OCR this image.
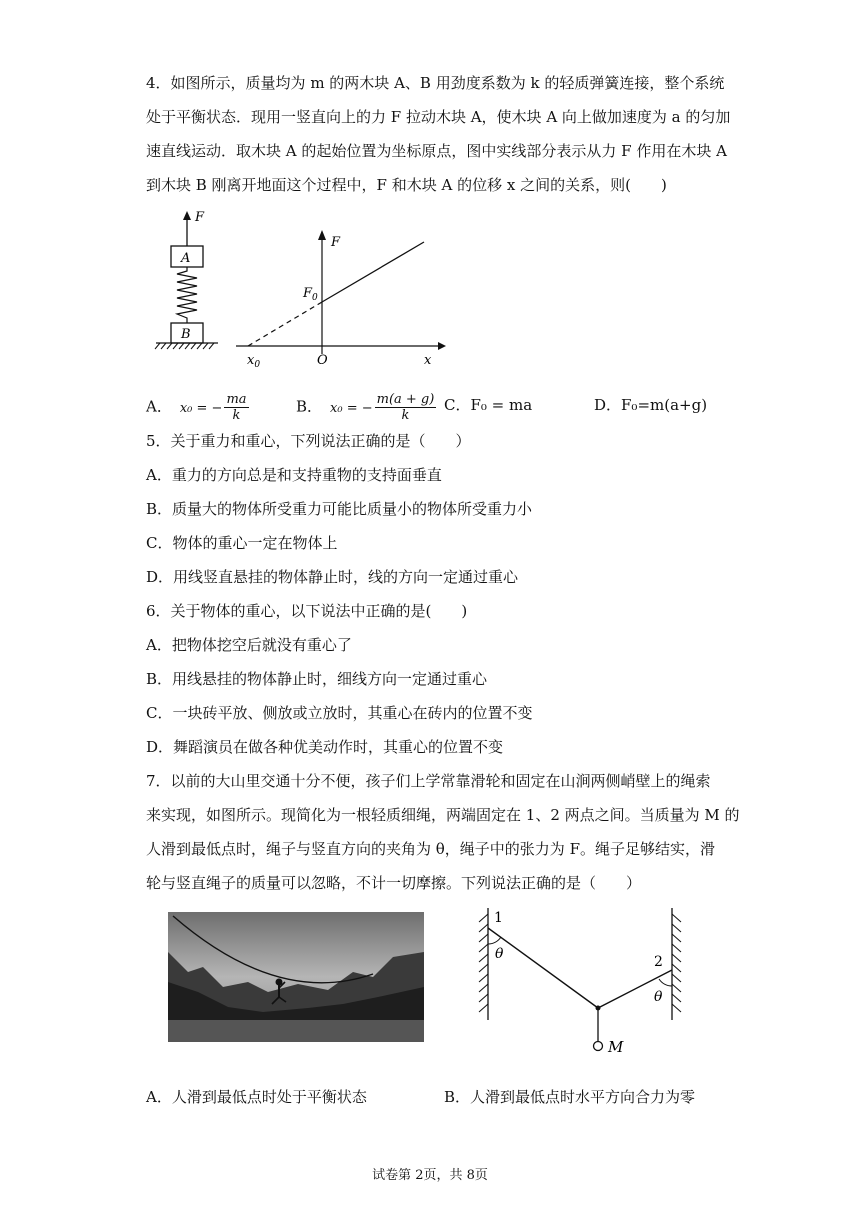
4．如图所示，质量均为 m 的两木块 A、B 用劲度系数为 k 的轻质弹簧连接，整个系统
处于平衡状态．现用一竖直向上的力 F 拉动木块 A，使木块 A 向上做加速度为 a 的匀加
速直线运动．取木块 A 的起始位置为坐标原点，图中实线部分表示从力 F 作用在木块 A
到木块 B 刚离开地面这个过程中，F 和木块 A 的位移 x 之间的关系，则(　　)
F
A
B
F
x
O
$F_0$
$x_0$
A． x₀ = − $\frac{ma}{k}$	B． x₀ = − $\frac{m(a + g)}{k}$ C．F₀ = ma	D．F₀=m(a+g)
5．关于重力和重心，下列说法正确的是（　　）
A．重力的方向总是和支持重物的支持面垂直
B．质量大的物体所受重力可能比质量小的物体所受重力小
C．物体的重心一定在物体上
D．用线竖直悬挂的物体静止时，线的方向一定通过重心
6．关于物体的重心，以下说法中正确的是(　　)
A．把物体挖空后就没有重心了
B．用线悬挂的物体静止时，细线方向一定通过重心
C．一块砖平放、侧放或立放时，其重心在砖内的位置不变
D．舞蹈演员在做各种优美动作时，其重心的位置不变
7．以前的大山里交通十分不便，孩子们上学常靠滑轮和固定在山涧两侧峭壁上的绳索
来实现，如图所示。现简化为一根轻质细绳，两端固定在 1、2 两点之间。当质量为 M 的
人滑到最低点时，绳子与竖直方向的夹角为 θ，绳子中的张力为 F。绳子足够结实，滑
轮与竖直绳子的质量可以忽略，不计一切摩擦。下列说法正确的是（　　）
1
2
θ
θ
M
A．人滑到最低点时处于平衡状态	B．人滑到最低点时水平方向合力为零
试卷第 2页，共 8页
